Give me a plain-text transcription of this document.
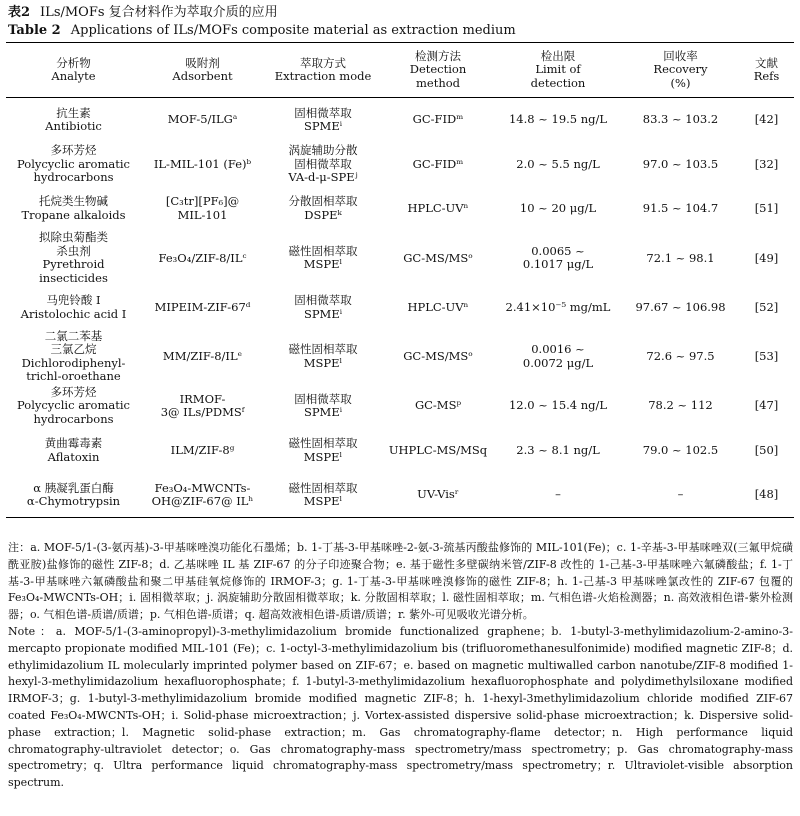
表2 ILs/MOFs 复合材料作为萃取介质的应用
Table 2 Applications of ILs/MOFs composite material as extraction medium
分析物
Analyte	吸附剂
Adsorbent	萃取方式
Extraction mode	检测方法
Detection
method	检出限
Limit of
detection	回收率
Recovery
(%)	文献
Refs

抗生素
Antibiotic	MOF-5/ILGᵃ	固相微萃取
SPMEⁱ	GC-FIDᵐ	14.8 ~ 19.5 ng/L	83.3 ~ 103.2	[42]

多环芳烃
Polycyclic aromatic
hydrocarbons	IL-MIL-101 (Fe)ᵇ	涡旋辅助分散
固相微萃取
VA-d-μ-SPEʲ	GC-FIDᵐ	2.0 ~ 5.5 ng/L	97.0 ~ 103.5	[32]

托烷类生物碱
Tropane alkaloids	[C₃tr][PF₆]@
MIL-101	分散固相萃取
DSPEᵏ	HPLC-UVⁿ	10 ~ 20 μg/L	91.5 ~ 104.7	[51]

拟除虫菊酯类
杀虫剂
Pyrethroid
insecticides	Fe₃O₄/ZIF-8/ILᶜ	磁性固相萃取
MSPEˡ	GC-MS/MSᵒ	0.0065 ~
0.1017 μg/L	72.1 ~ 98.1	[49]

马兜铃酸 I
Aristolochic acid I	MIPEIM-ZIF-67ᵈ	固相微萃取
SPMEⁱ	HPLC-UVⁿ	2.41×10⁻⁵ mg/mL	97.67 ~ 106.98	[52]

二氯二苯基
三氯乙烷
Dichlorodiphenyl-
trichl-oroethane	MM/ZIF-8/ILᵉ	磁性固相萃取
MSPEˡ	GC-MS/MSᵒ	0.0016 ~
0.0072 μg/L	72.6 ~ 97.5	[53]

多环芳烃
Polycyclic aromatic
hydrocarbons	IRMOF-
3@ ILs/PDMSᶠ	固相微萃取
SPMEⁱ	GC-MSᵖ	12.0 ~ 15.4 ng/L	78.2 ~ 112	[47]

黄曲霉毒素
Aflatoxin	ILM/ZIF-8ᵍ	磁性固相萃取
MSPEˡ	UHPLC-MS/MSq	2.3 ~ 8.1 ng/L	79.0 ~ 102.5	[50]

α 胰凝乳蛋白酶
α-Chymotrypsin	Fe₃O₄-MWCNTs-
OH@ZIF-67@ ILʰ	磁性固相萃取
MSPEˡ	UV-Visʳ	–	–	[48]

注：a. MOF-5/1-(3-氨丙基)-3-甲基咪唑溴功能化石墨烯；b. 1-丁基-3-甲基咪唑-2-氨-3-巯基丙酸盐修饰的 MIL-101(Fe)；c. 1-辛基-3-甲基咪唑双(三氟甲烷磺酰亚胺)盐修饰的磁性 ZIF-8；d. 乙基咪唑 IL 基 ZIF-67 的分子印迹聚合物；e. 基于磁性多壁碳纳米管/ZIF-8 改性的 1-己基-3-甲基咪唑六氟磷酸盐；f. 1-丁基-3-甲基咪唑六氟磷酸盐和聚二甲基硅氧烷修饰的 IRMOF-3；g. 1-丁基-3-甲基咪唑溴修饰的磁性 ZIF-8；h. 1-己基-3 甲基咪唑氯改性的 ZIF-67 包覆的 Fe₃O₄-MWCNTs-OH；i. 固相微萃取；j. 涡旋辅助分散固相微萃取；k. 分散固相萃取；l. 磁性固相萃取；m. 气相色谱-火焰检测器；n. 高效液相色谱-紫外检测器；o. 气相色谱-质谱/质谱；p. 气相色谱-质谱；q. 超高效液相色谱-质谱/质谱；r. 紫外-可见吸收光谱分析。

Note：a. MOF-5/1-(3-aminopropyl)-3-methylimidazolium bromide functionalized graphene；b. 1-butyl-3-methylimidazolium-2-amino-3-mercapto propionate modified MIL-101 (Fe)；c. 1-octyl-3-methylimidazolium bis (trifluoromethanesulfonimide) modified magnetic ZIF-8；d. ethylimidazolium IL molecularly imprinted polymer based on ZIF-67；e. based on magnetic multiwalled carbon nanotube/ZIF-8 modified 1-hexyl-3-methylimidazolium hexafluorophosphate；f. 1-butyl-3-methylimidazolium hexafluorophosphate and polydimethylsiloxane modified IRMOF-3；g. 1-butyl-3-methylimidazolium bromide modified magnetic ZIF-8；h. 1-hexyl-3methylimidazolium chloride modified ZIF-67 coated Fe₃O₄-MWCNTs-OH；i. Solid-phase microextraction；j. Vortex-assisted dispersive solid-phase microextraction；k. Dispersive solid-phase extraction；l. Magnetic solid-phase extraction；m. Gas chromatography-flame detector；n. High performance liquid chromatography-ultraviolet detector；o. Gas chromatography-mass spectrometry/mass spectrometry；p. Gas chromatography-mass spectrometry；q. Ultra performance liquid chromatography-mass spectrometry/mass spectrometry；r. Ultraviolet-visible absorption spectrum.
